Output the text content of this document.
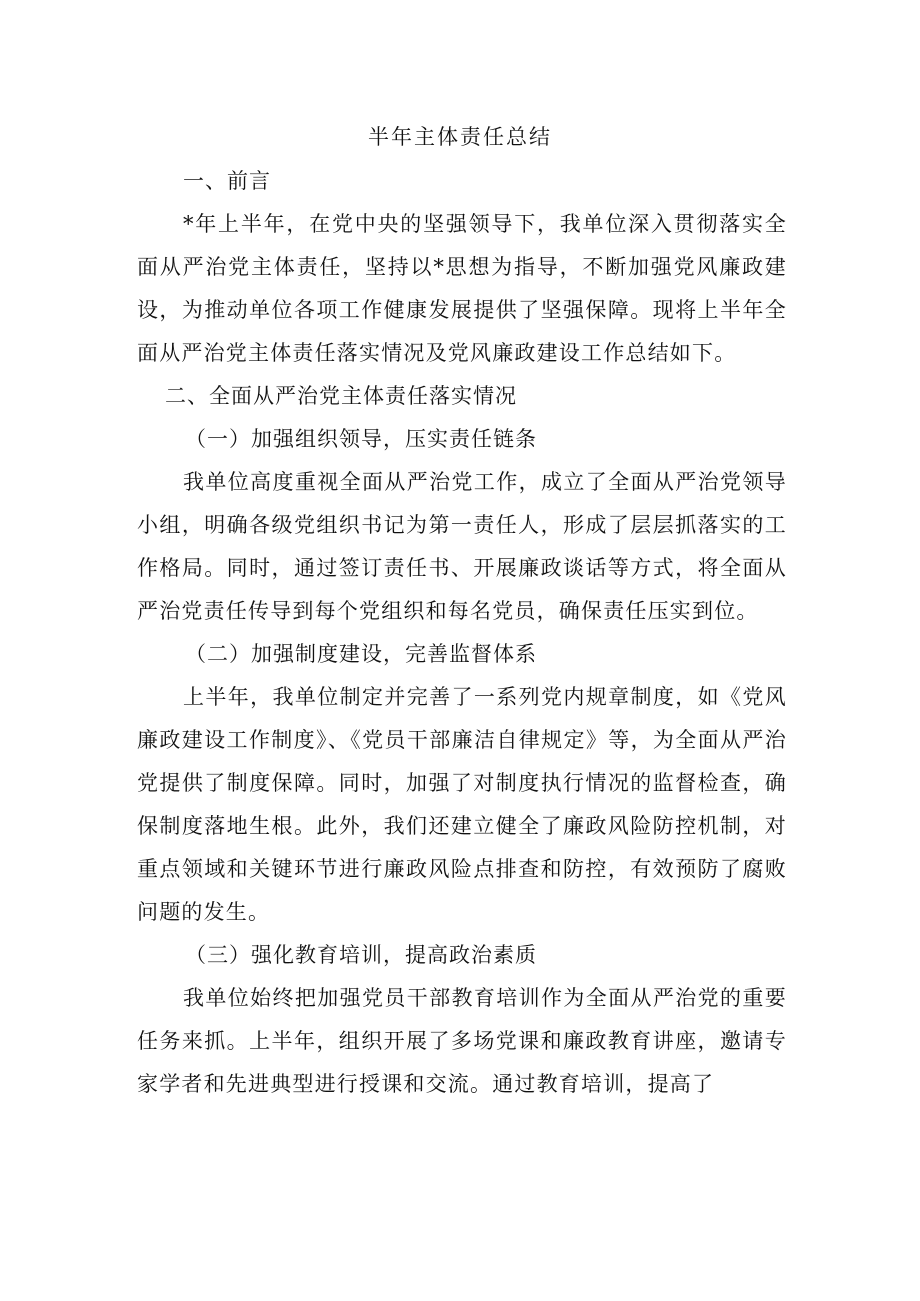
半年主体责任总结

一、前言

*年上半年，在党中央的坚强领导下，我单位深入贯彻落实全面从严治党主体责任，坚持以*思想为指导，不断加强党风廉政建设，为推动单位各项工作健康发展提供了坚强保障。现将上半年全面从严治党主体责任落实情况及党风廉政建设工作总结如下。

二、全面从严治党主体责任落实情况

（一）加强组织领导，压实责任链条

我单位高度重视全面从严治党工作，成立了全面从严治党领导小组，明确各级党组织书记为第一责任人，形成了层层抓落实的工作格局。同时，通过签订责任书、开展廉政谈话等方式，将全面从严治党责任传导到每个党组织和每名党员，确保责任压实到位。

（二）加强制度建设，完善监督体系

上半年，我单位制定并完善了一系列党内规章制度，如《党风廉政建设工作制度》、《党员干部廉洁自律规定》等，为全面从严治党提供了制度保障。同时，加强了对制度执行情况的监督检查，确保制度落地生根。此外，我们还建立健全了廉政风险防控机制，对重点领域和关键环节进行廉政风险点排查和防控，有效预防了腐败问题的发生。

（三）强化教育培训，提高政治素质

我单位始终把加强党员干部教育培训作为全面从严治党的重要任务来抓。上半年，组织开展了多场党课和廉政教育讲座，邀请专家学者和先进典型进行授课和交流。通过教育培训，提高了
